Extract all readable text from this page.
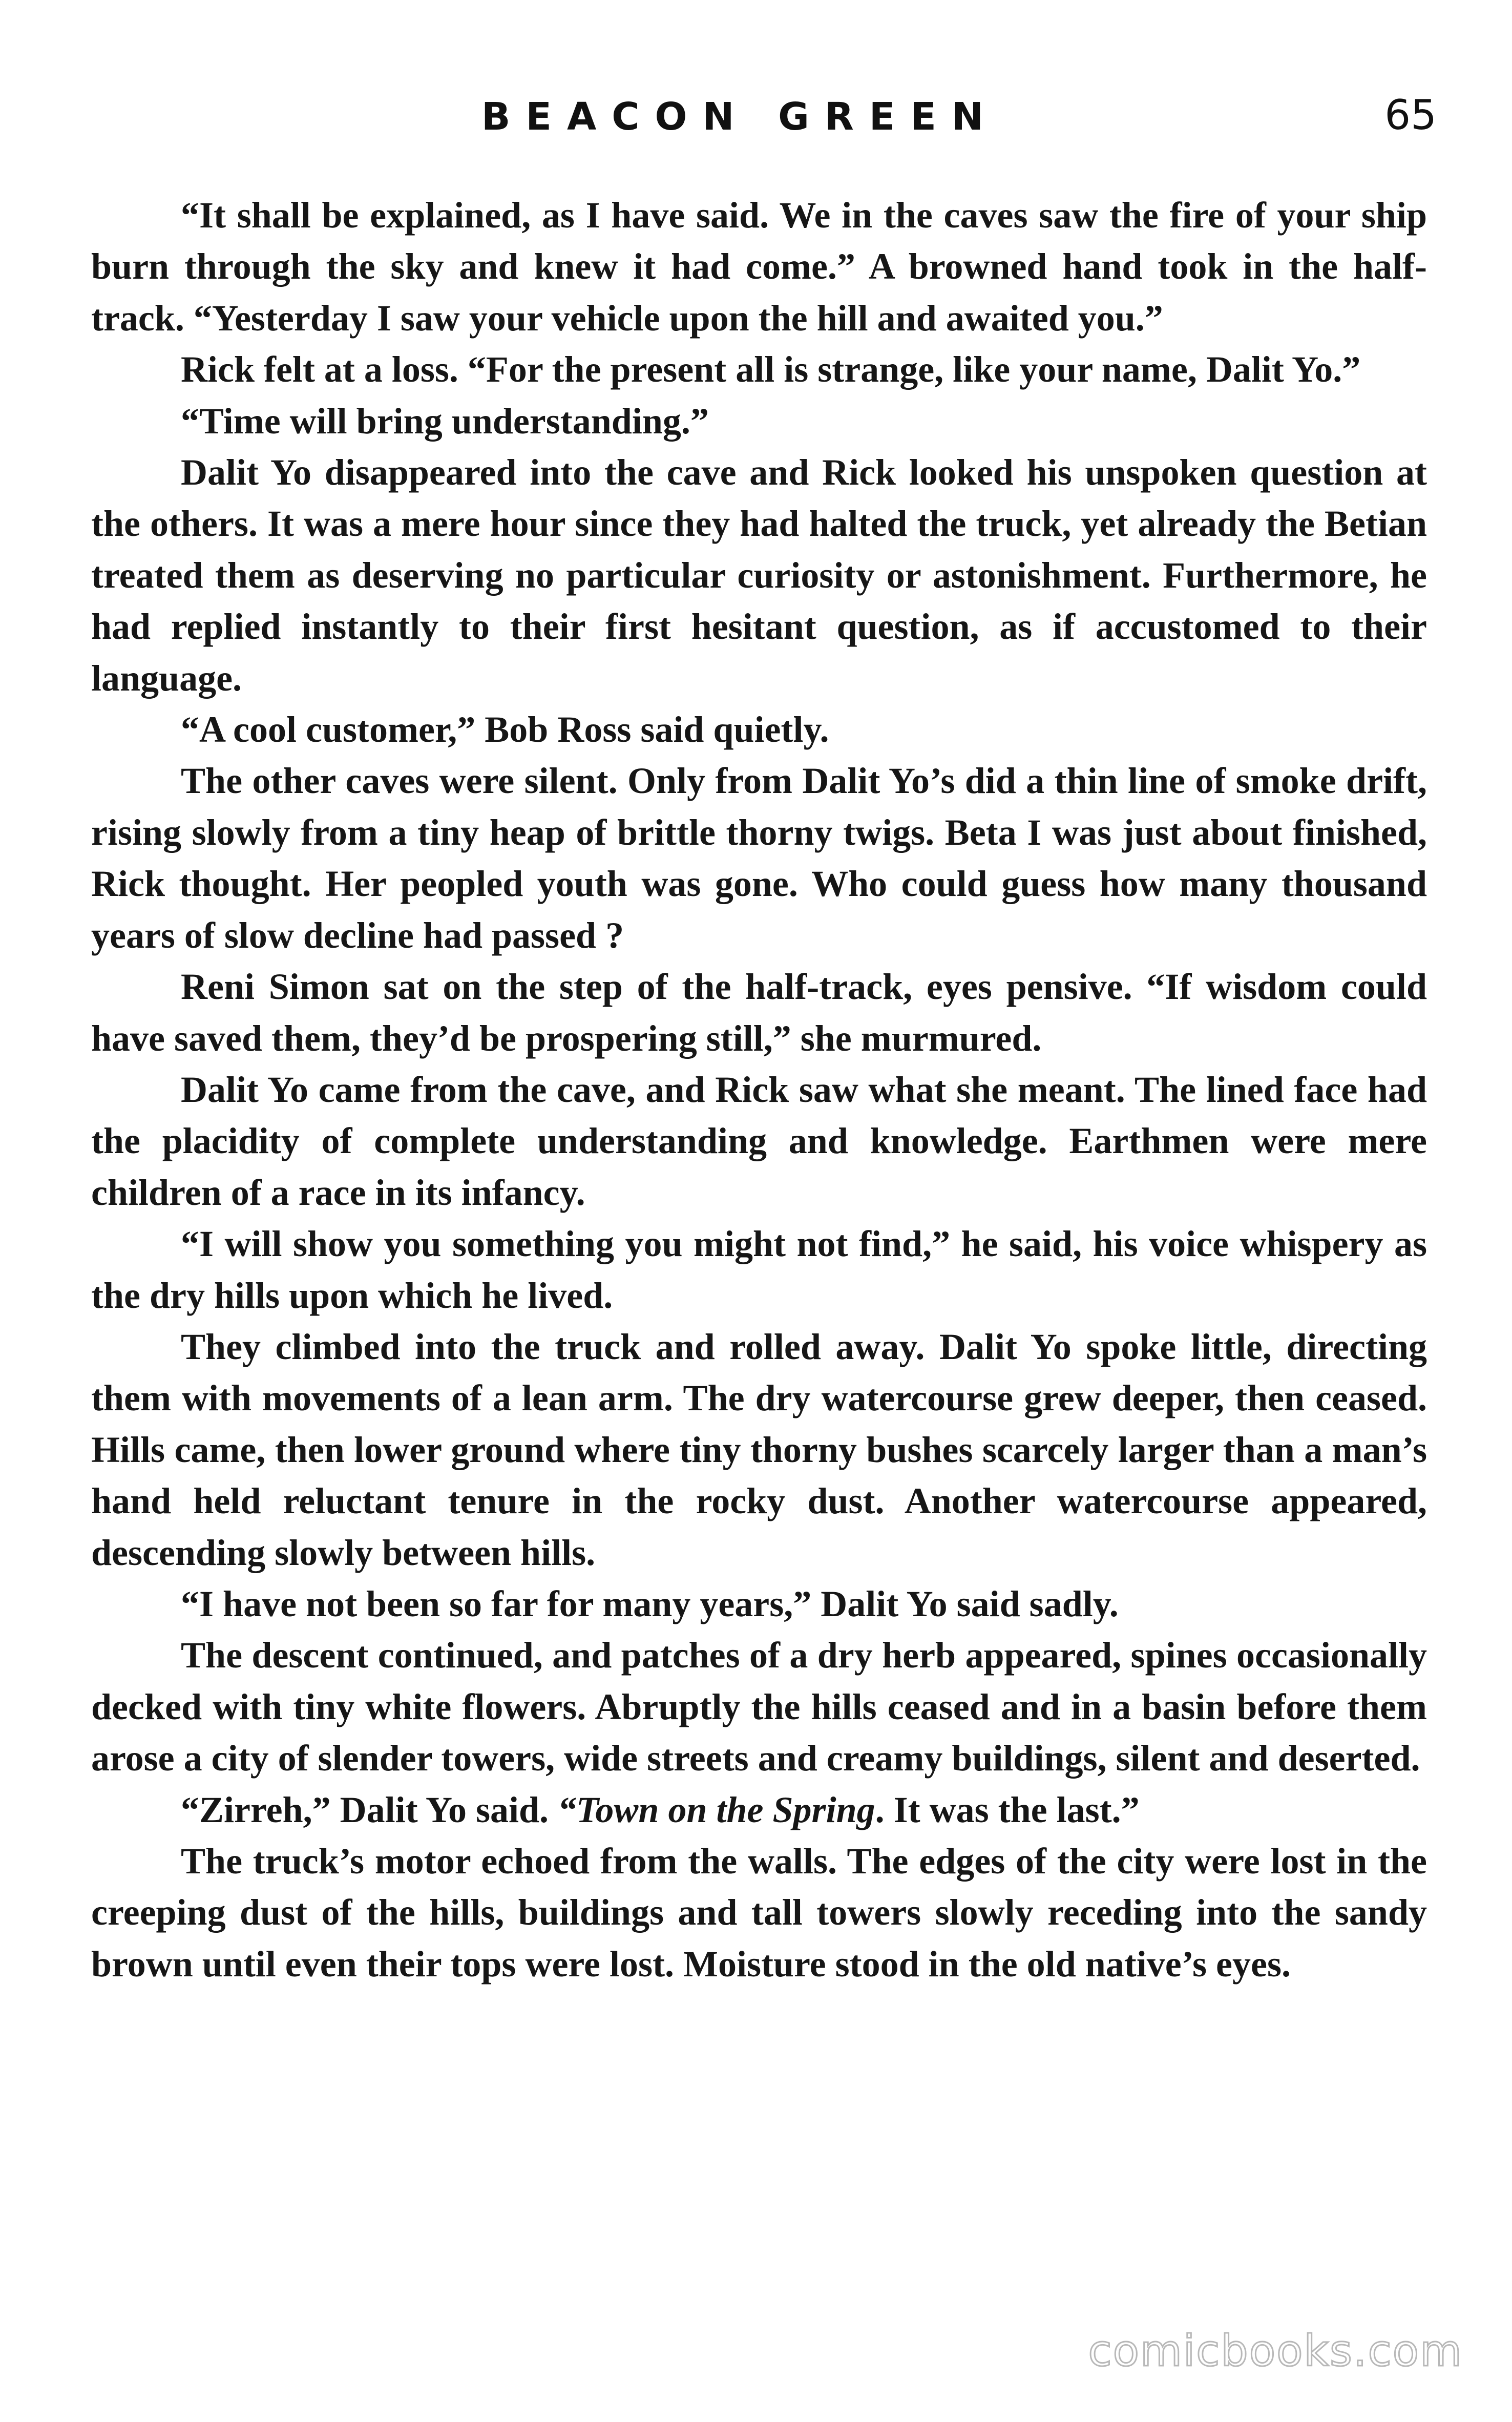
BEACON GREEN	65

“It shall be explained, as I have said. We in the caves saw the fire of your ship burn through the sky and knew it had come.” A browned hand took in the half-track. “Yesterday I saw your vehicle upon the hill and awaited you.”

Rick felt at a loss. “For the present all is strange, like your name, Dalit Yo.”

“Time will bring understanding.”

Dalit Yo disappeared into the cave and Rick looked his unspoken question at the others. It was a mere hour since they had halted the truck, yet already the Betian treated them as deserving no particular curiosity or astonishment. Furthermore, he had replied instantly to their first hesitant question, as if accustomed to their language.

“A cool customer,” Bob Ross said quietly.

The other caves were silent. Only from Dalit Yo’s did a thin line of smoke drift, rising slowly from a tiny heap of brittle thorny twigs. Beta I was just about finished, Rick thought. Her peopled youth was gone. Who could guess how many thousand years of slow decline had passed ?

Reni Simon sat on the step of the half-track, eyes pensive. “If wisdom could have saved them, they’d be prospering still,” she murmured.

Dalit Yo came from the cave, and Rick saw what she meant. The lined face had the placidity of complete understanding and knowledge. Earthmen were mere children of a race in its infancy.

“I will show you something you might not find,” he said, his voice whispery as the dry hills upon which he lived.

They climbed into the truck and rolled away. Dalit Yo spoke little, directing them with movements of a lean arm. The dry watercourse grew deeper, then ceased. Hills came, then lower ground where tiny thorny bushes scarcely larger than a man’s hand held reluctant tenure in the rocky dust. Another watercourse appeared, descending slowly between hills.

“I have not been so far for many years,” Dalit Yo said sadly.

The descent continued, and patches of a dry herb appeared, spines occasionally decked with tiny white flowers. Abruptly the hills ceased and in a basin before them arose a city of slender towers, wide streets and creamy buildings, silent and deserted.

“Zirreh,” Dalit Yo said. “Town on the Spring. It was the last.”

The truck’s motor echoed from the walls. The edges of the city were lost in the creeping dust of the hills, buildings and tall towers slowly receding into the sandy brown until even their tops were lost. Moisture stood in the old native’s eyes.

comicbooks.com
